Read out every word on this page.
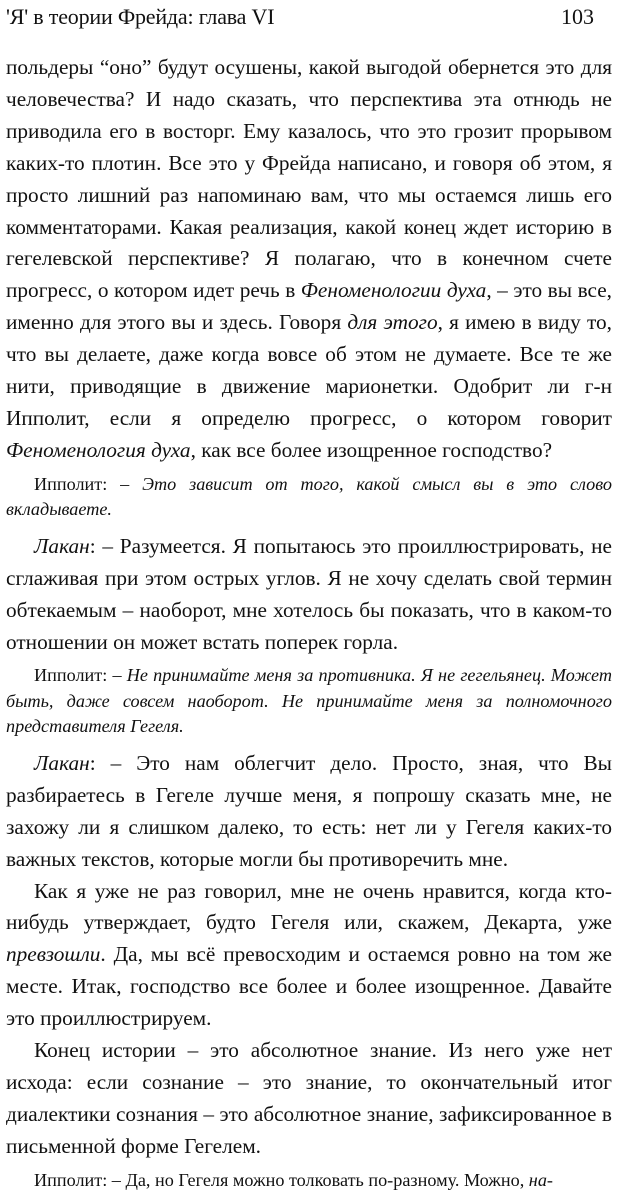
'Я' в теории Фрейда: глава VI	103

польдеры “оно” будут осушены, какой выгодой обернется это для человечества? И надо сказать, что перспектива эта отнюдь не приводила его в восторг. Ему казалось, что это грозит прорывом каких-то плотин. Все это у Фрейда написано, и говоря об этом, я просто лишний раз напоминаю вам, что мы остаемся лишь его комментаторами. Какая реализация, какой конец ждет историю в гегелевской перспективе? Я полагаю, что в конечном счете прогресс, о котором идет речь в Феноменологии духа, – это вы все, именно для этого вы и здесь. Говоря для этого, я имею в виду то, что вы делаете, даже когда вовсе об этом не думаете. Все те же нити, приводящие в движение марионетки. Одобрит ли г-н Ипполит, если я определю прогресс, о котором говорит Феноменология духа, как все более изощренное господство?

Ипполит: – Это зависит от того, какой смысл вы в это слово вкладываете.

Лакан: – Разумеется. Я попытаюсь это проиллюстрировать, не сглаживая при этом острых углов. Я не хочу сделать свой термин обтекаемым – наоборот, мне хотелось бы показать, что в каком-то отношении он может встать поперек горла.

Ипполит: – Не принимайте меня за противника. Я не гегельянец. Может быть, даже совсем наоборот. Не принимайте меня за полномочного представителя Гегеля.

Лакан: – Это нам облегчит дело. Просто, зная, что Вы разбираетесь в Гегеле лучше меня, я попрошу сказать мне, не захожу ли я слишком далеко, то есть: нет ли у Гегеля каких-то важных текстов, которые могли бы противоречить мне.

Как я уже не раз говорил, мне не очень нравится, когда кто-нибудь утверждает, будто Гегеля или, скажем, Декарта, уже превзошли. Да, мы всё превосходим и остаемся ровно на том же месте. Итак, господство все более и более изощренное. Давайте это проиллюстрируем.

Конец истории – это абсолютное знание. Из него уже нет исхода: если сознание – это знание, то окончательный итог диалектики сознания – это абсолютное знание, зафиксированное в письменной форме Гегелем.

Ипполит: – Да, но Гегеля можно толковать по-разному. Можно, на-
